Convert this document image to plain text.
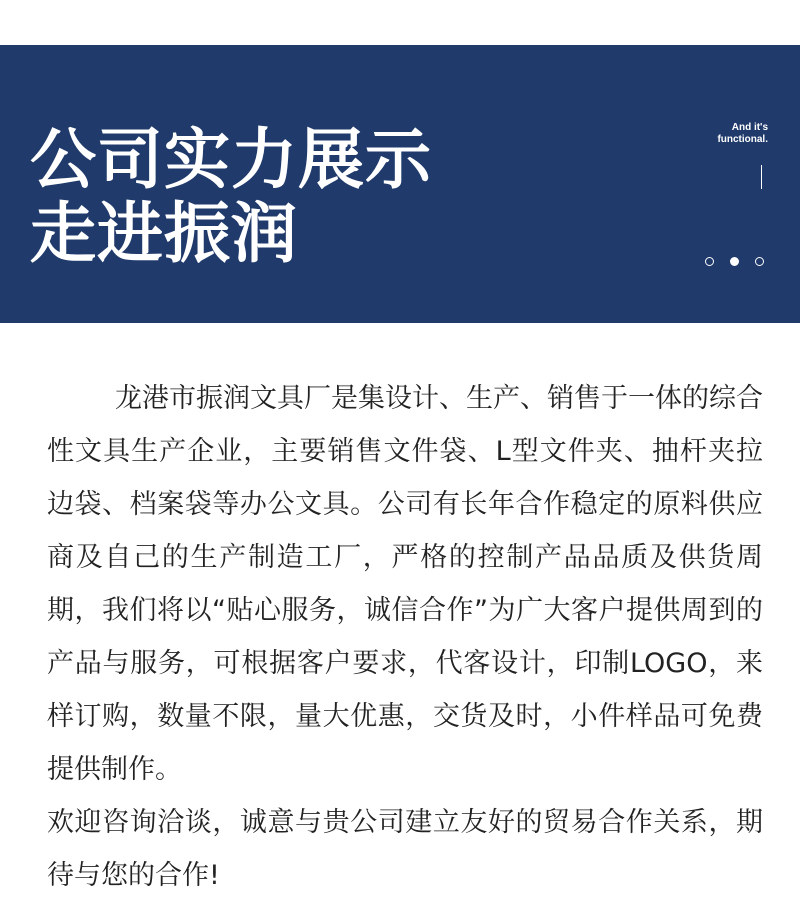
公司实力展示
走进振润
And it's
functional.

龙港市振润文具厂是集设计、生产、销售于一体的综合性文具生产企业，主要销售文件袋、L型文件夹、抽杆夹拉边袋、档案袋等办公文具。公司有长年合作稳定的原料供应商及自己的生产制造工厂，严格的控制产品品质及供货周期，我们将以“贴心服务，诚信合作”为广大客户提供周到的产品与服务，可根据客户要求，代客设计，印制LOGO，来样订购，数量不限，量大优惠，交货及时，小件样品可免费提供制作。

欢迎咨询洽谈，诚意与贵公司建立友好的贸易合作关系，期待与您的合作!
